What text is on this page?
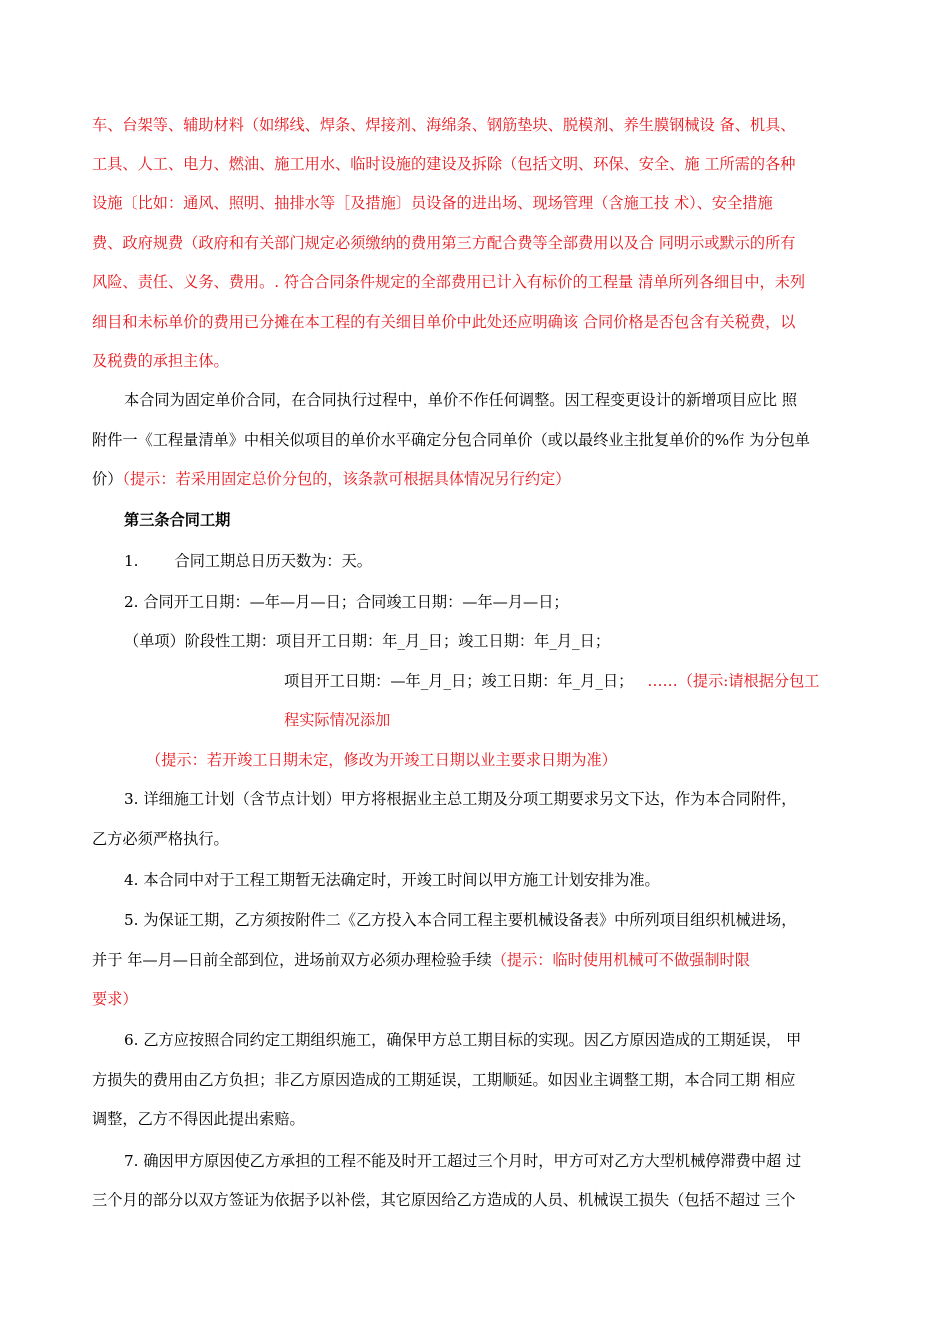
车、台架等、辅助材料（如绑线、焊条、焊接剂、海绵条、钢筋垫块、脱模剂、养生膜钢械设 备、机具、
工具、人工、电力、燃油、施工用水、临时设施的建设及拆除（包括文明、环保、安全、施 工所需的各种
设施〔比如：通风、照明、抽排水等［及措施〕员设备的进出场、现场管理（含施工技 术）、安全措施
费、政府规费（政府和有关部门规定必须缴纳的费用第三方配合费等全部费用以及合 同明示或默示的所有
风险、责任、义务、费用。. 符合合同条件规定的全部费用已计入有标价的工程量 清单所列各细目中，未列
细目和未标单价的费用已分摊在本工程的有关细目单价中此处还应明确该 合同价格是否包含有关税费，以
及税费的承担主体。
本合同为固定单价合同，在合同执行过程中，单价不作任何调整。因工程变更设计的新增项目应比 照
附件一《工程量清单》中相关似项目的单价水平确定分包合同单价（或以最终业主批复单价的%作 为分包单
价）（提示：若采用固定总价分包的，该条款可根据具体情况另行约定）
第三条合同工期
1. 合同工期总日历天数为：天。
2. 合同开工日期：—年—月—日；合同竣工日期：—年—月—日；
（单项）阶段性工期：项目开工日期：年_月_日；竣工日期：年_月_日；
项目开工日期：—年_月_日；竣工日期：年_月_日； ……（提示:请根据分包工
程实际情况添加
（提示：若开竣工日期未定，修改为开竣工日期以业主要求日期为准）
3. 详细施工计划（含节点计划）甲方将根据业主总工期及分项工期要求另文下达，作为本合同附件，
乙方必须严格执行。
4. 本合同中对于工程工期暂无法确定时，开竣工时间以甲方施工计划安排为准。
5. 为保证工期，乙方须按附件二《乙方投入本合同工程主要机械设备表》中所列项目组织机械进场，
并于 年—月—日前全部到位，进场前双方必须办理检验手续（提示：临时使用机械可不做强制时限
要求）
6. 乙方应按照合同约定工期组织施工，确保甲方总工期目标的实现。因乙方原因造成的工期延误， 甲
方损失的费用由乙方负担；非乙方原因造成的工期延误，工期顺延。如因业主调整工期，本合同工期 相应
调整，乙方不得因此提出索赔。
7. 确因甲方原因使乙方承担的工程不能及时开工超过三个月时，甲方可对乙方大型机械停滞费中超 过
三个月的部分以双方签证为依据予以补偿，其它原因给乙方造成的人员、机械误工损失（包括不超过 三个
